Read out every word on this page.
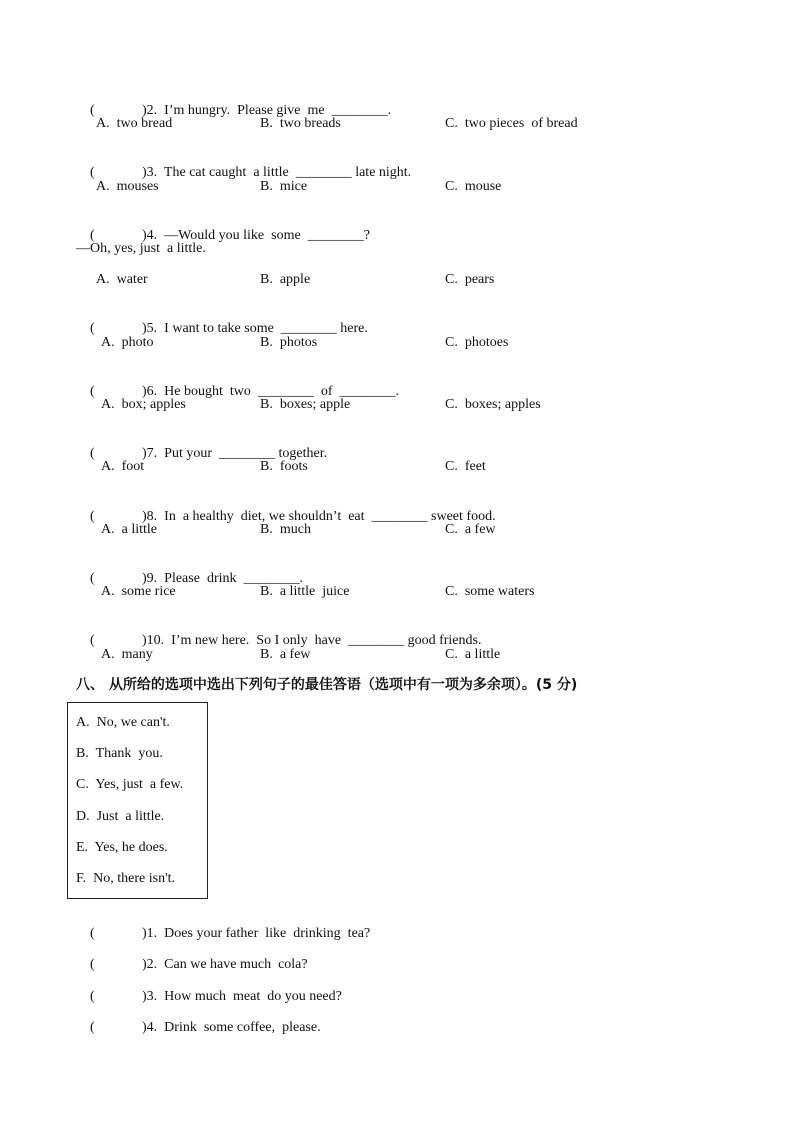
(	)2. I’m hungry.  Please give  me  ________.

A.  two bread

	B.  two breads

	C.  two pieces  of bread

(	)3. The cat caught  a little  ________ late night.

A.  mouses

	B.  mice

	C.  mouse

(	)4. —Would you like  some  ________?

—Oh, yes, just  a little.

A.  water

	B.  apple

	C.  pears

(	)5. I want to take some  ________ here.

A.  photo

	B.  photos

	C.  photoes

(	)6. He bought  two  ________  of  ________.

A.  box; apples

	B.  boxes; apple

	C.  boxes; apples

(	)7. Put your  ________ together.

A.  foot

	B.  foots

	C.  feet

(	)8. In  a healthy  diet, we shouldn’t  eat  ________ sweet food.

A.  a little

	B.  much

	C.  a few

(	)9. Please  drink  ________.

A.  some rice

	B.  a little  juice

	C.  some waters

(	)10. I’m new here.  So I only  have  ________ good friends.

A.  many

	B.  a few

	C.  a little

八、 从所给的选项中选出下列句子的最佳答语（选项中有一项为多余项）。(5 分)
A.  No, we can't.
B.  Thank  you.
C.  Yes, just  a few.
D.  Just  a little.
E.  Yes, he does.
F.  No, there isn't.

(	)1. Does your father  like  drinking  tea?

(	)2. Can we have much  cola?

(	)3. How much  meat  do you need?

(	)4. Drink  some coffee,  please.
